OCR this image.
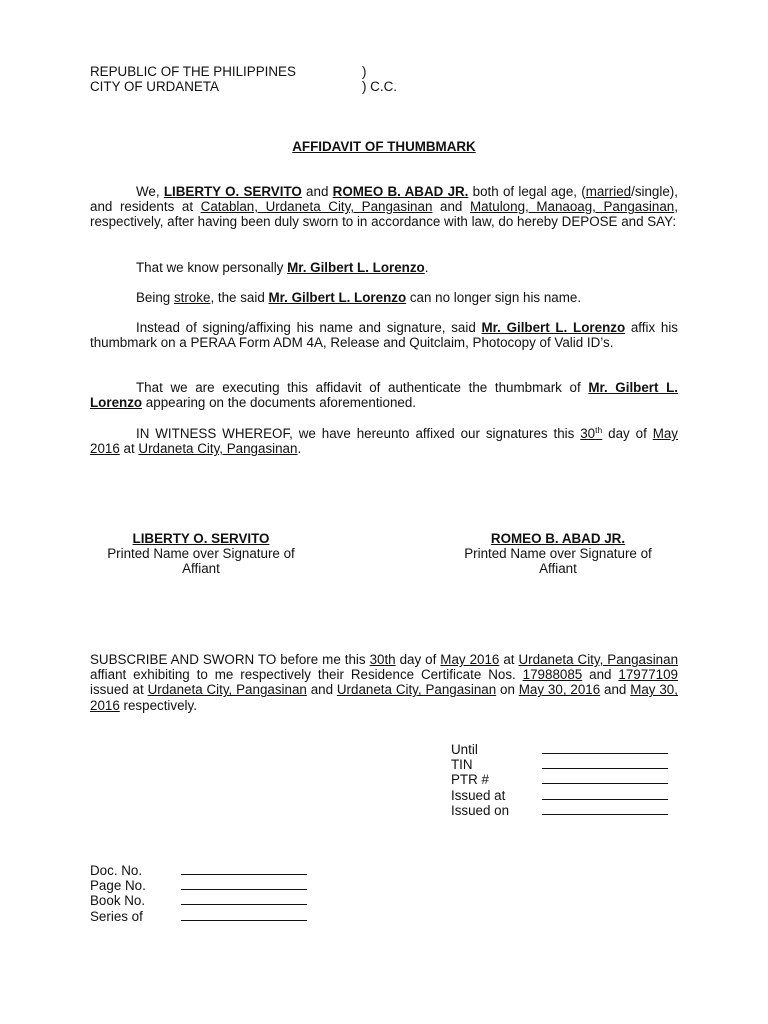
REPUBLIC OF THE PHILIPPINES	)
CITY OF URDANETA	) C.C.
AFFIDAVIT OF THUMBMARK
We, LIBERTY O. SERVITO and ROMEO B. ABAD JR. both of legal age, (married/single), and residents at Catablan, Urdaneta City, Pangasinan and Matulong, Manaoag, Pangasinan, respectively, after having been duly sworn to in accordance with law, do hereby DEPOSE and SAY:
That we know personally Mr. Gilbert L. Lorenzo.
Being stroke, the said Mr. Gilbert L. Lorenzo can no longer sign his name.
Instead of signing/affixing his name and signature, said Mr. Gilbert L. Lorenzo affix his thumbmark on a PERAA Form ADM 4A, Release and Quitclaim, Photocopy of Valid ID’s.
That we are executing this affidavit of authenticate the thumbmark of Mr. Gilbert L. Lorenzo appearing on the documents aforementioned.
IN WITNESS WHEREOF, we have hereunto affixed our signatures this 30th day of May 2016 at Urdaneta City, Pangasinan.
LIBERTY O. SERVITO
Printed Name over Signature of
Affiant
ROMEO B. ABAD JR.
Printed Name over Signature of
Affiant
SUBSCRIBE AND SWORN TO before me this 30th day of May 2016 at Urdaneta City, Pangasinan affiant exhibiting to me respectively their Residence Certificate Nos. 17988085 and 17977109 issued at Urdaneta City, Pangasinan and Urdaneta City, Pangasinan on May 30, 2016 and May 30, 2016 respectively.
Until
TIN
PTR #
Issued at
Issued on
Doc. No.
Page No.
Book No.
Series of
